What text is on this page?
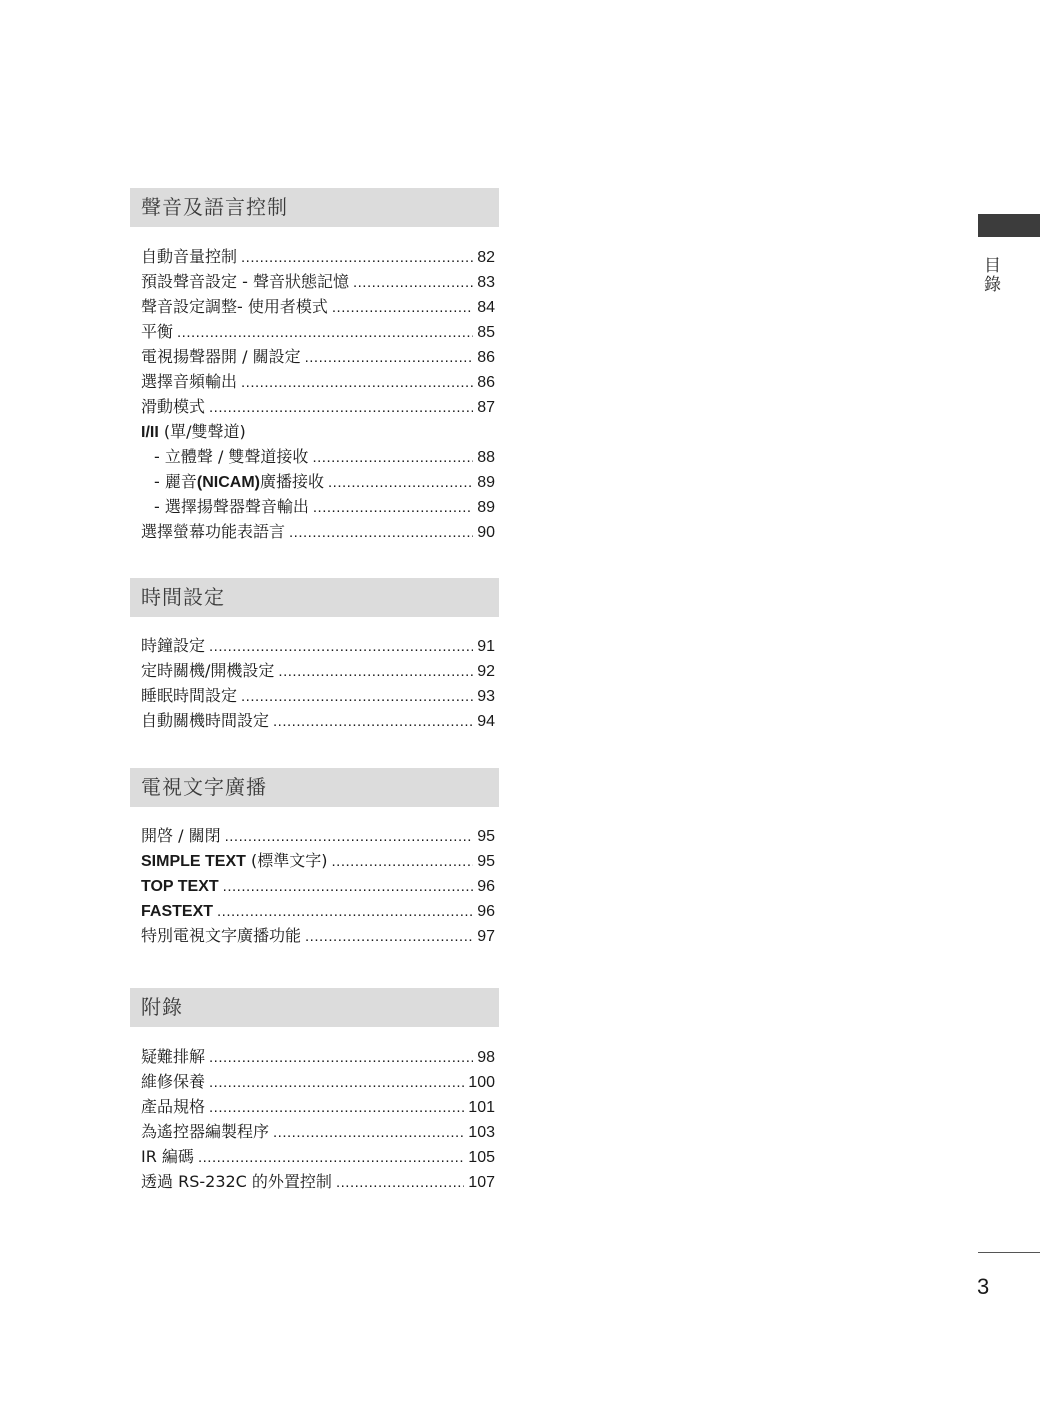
聲音及語言控制
自動音量控制 .....	82
預設聲音設定 - 聲音狀態記憶 .....	83
聲音設定調整- 使用者模式 .....	84
平衡 .....	85
電視揚聲器開 / 關設定 .....	86
選擇音頻輸出 .....	86
滑動模式 .....	87
I/II (單/雙聲道)
- 立體聲 / 雙聲道接收 .....	88
- 麗音(NICAM)廣播接收 .....	89
- 選擇揚聲器聲音輸出 .....	89
選擇螢幕功能表語言 .....	90
時間設定
時鐘設定 .....	91
定時關機/開機設定 .....	92
睡眠時間設定 .....	93
自動關機時間設定 .....	94
電視文字廣播
開啓 / 關閉 .....	95
SIMPLE TEXT (標準文字) .....	95
TOP TEXT .....	96
FASTEXT .....	96
特別電視文字廣播功能 .....	97
附錄
疑難排解 .....	98
維修保養 .....	100
產品規格 .....	101
為遙控器編製程序 .....	103
IR 編碼 .....	105
透過 RS-232C 的外置控制 .....	107
目錄
3
